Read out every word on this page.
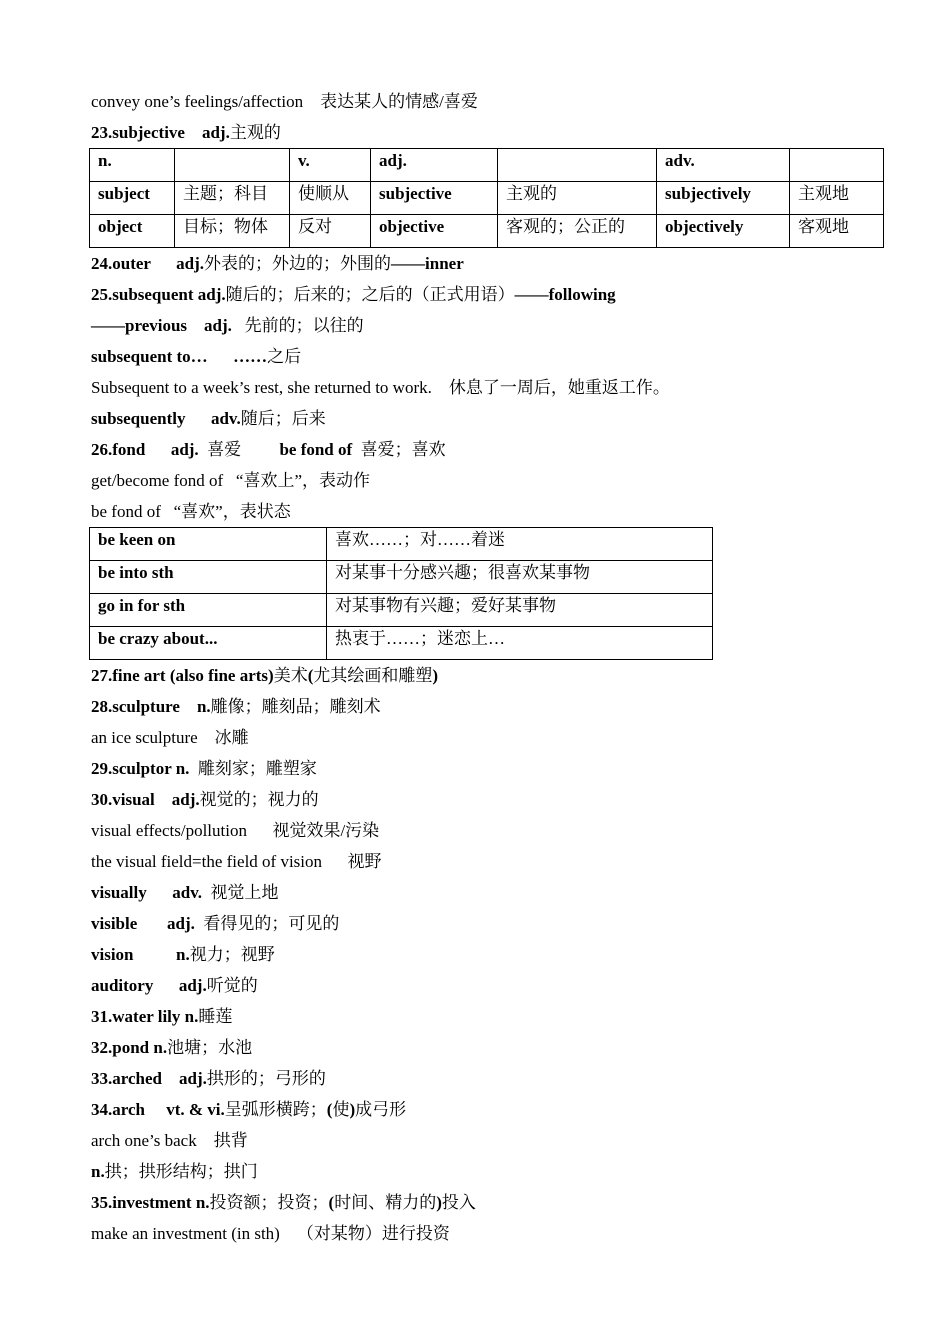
convey one’s feelings/affection    表达某人的情感/喜爱
23.subjective    adj.主观的
n.		v.	adj.		adv.	
subject	主题；科目	使顺从	subjective	主观的	subjectively	主观地
object	目标；物体	反对	objective	客观的；公正的	objectively	客观地
24.outer      adj.外表的；外边的；外围的——inner
25.subsequent adj.随后的；后来的；之后的（正式用语）——following
——previous    adj.   先前的；以往的
subsequent to…      ……之后
Subsequent to a week’s rest, she returned to work.    休息了一周后，她重返工作。
subsequently      adv.随后；后来
26.fond      adj.  喜爱         be fond of  喜爱；喜欢
get/become fond of   “喜欢上”，表动作
be fond of   “喜欢”，表状态
be keen on	喜欢……；对……着迷
be into sth	对某事十分感兴趣；很喜欢某事物
go in for sth	对某事物有兴趣；爱好某事物
be crazy about...	热衷于……；迷恋上…
27.fine art (also fine arts)美术(尤其绘画和雕塑)
28.sculpture    n.雕像；雕刻品；雕刻术
an ice sculpture    冰雕
29.sculptor n.  雕刻家；雕塑家
30.visual    adj.视觉的；视力的
visual effects/pollution      视觉效果/污染
the visual field=the field of vision      视野
visually      adv.  视觉上地
visible       adj.  看得见的；可见的
vision          n.视力；视野
auditory      adj.听觉的
31.water lily n.睡莲
32.pond n.池塘；水池
33.arched    adj.拱形的；弓形的
34.arch     vt. & vi.呈弧形横跨；(使)成弓形
arch one’s back    拱背
n.拱；拱形结构；拱门
35.investment n.投资额；投资；(时间、精力的)投入
make an investment (in sth)    （对某物）进行投资
